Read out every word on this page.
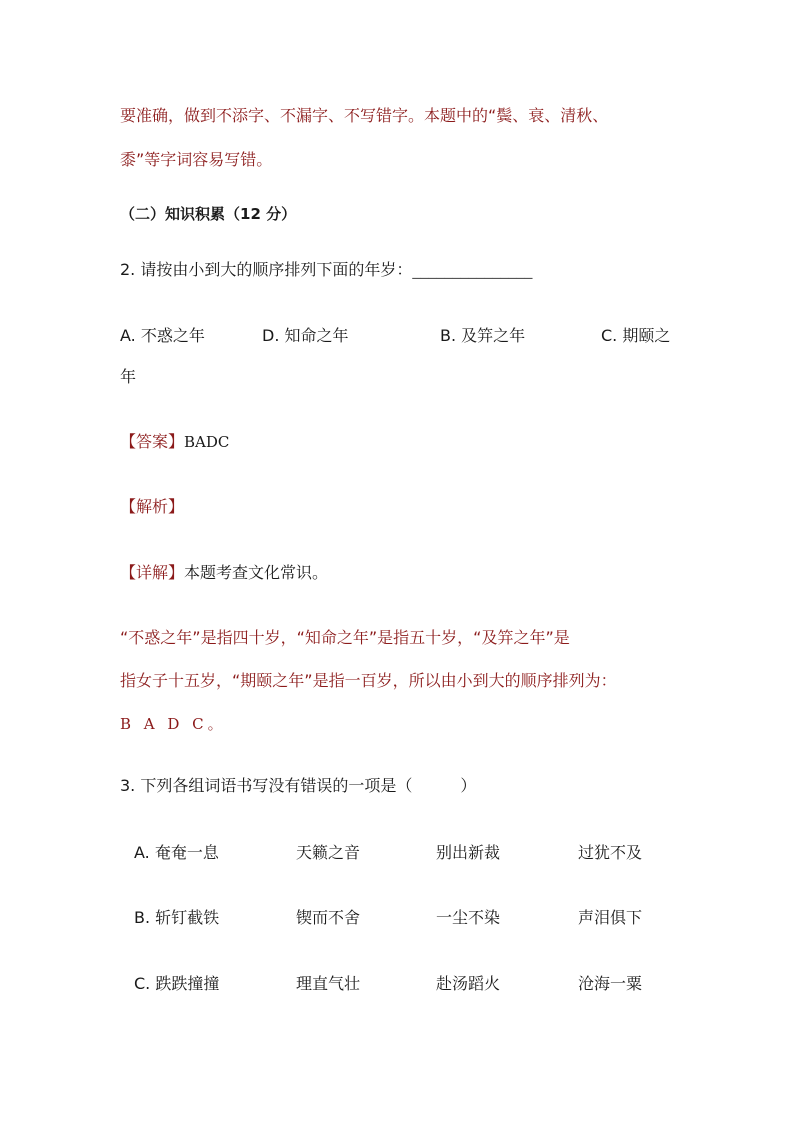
要准确，做到不添字、不漏字、不写错字。本题中的“鬓、衰、清秋、
黍”等字词容易写错。
（二）知识积累（12 分）
2. 请按由小到大的顺序排列下面的年岁：_______________
A. 不惑之年	D. 知命之年	B. 及笄之年	C. 期颐之
年
【答案】BADC
【解析】
【详解】本题考查文化常识。
“不惑之年”是指四十岁，“知命之年”是指五十岁，“及笄之年”是
指女子十五岁，“期颐之年”是指一百岁，所以由小到大的顺序排列为：
B A D C。
3. 下列各组词语书写没有错误的一项是（　　　）
A. 奄奄一息	天籁之音	别出新裁	过犹不及
B. 斩钉截铁	锲而不舍	一尘不染	声泪俱下
C. 跌跌撞撞	理直气壮	赴汤蹈火	沧海一粟
